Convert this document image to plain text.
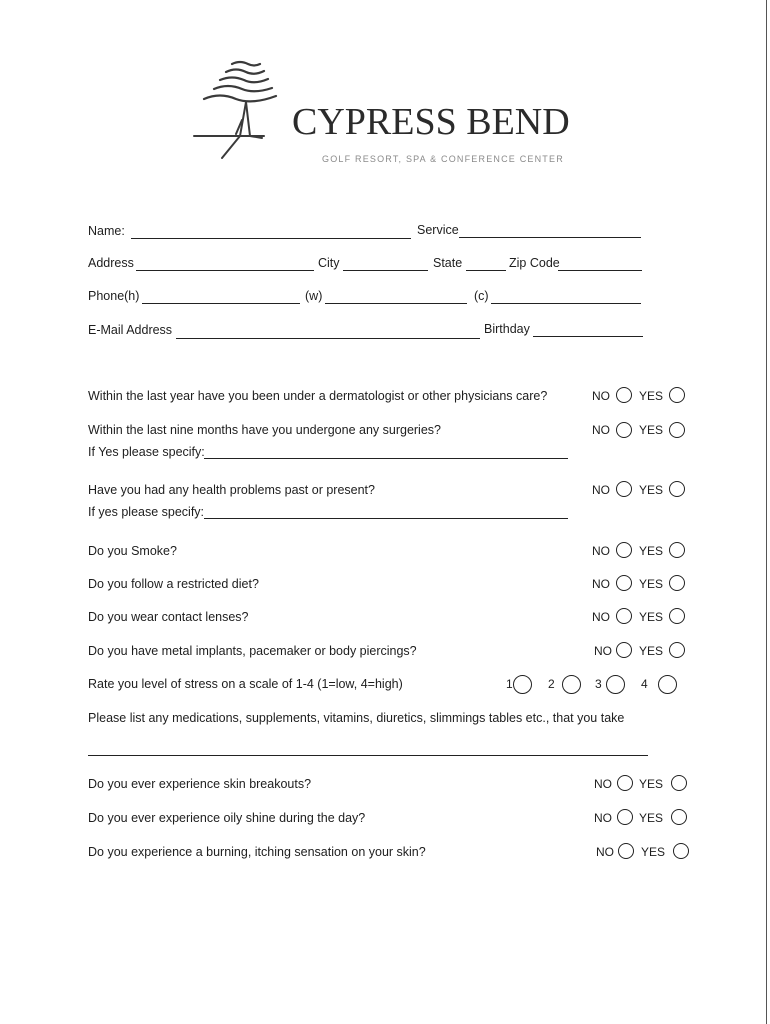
CYPRESS BEND
GOLF RESORT, SPA & CONFERENCE CENTER
Name:	Service
Address	City	State	Zip Code
Phone(h)	(w)	(c)
E-Mail Address	Birthday
Within the last year have you been under a dermatologist or other physicians care?	NO YES
Within the last nine months have you undergone any surgeries?	NO YES
If Yes please specify:
Have you had any health problems past or present?	NO YES
If yes please specify:
Do you Smoke?	NO YES
Do you follow a restricted diet?	NO YES
Do you wear contact lenses?	NO YES
Do you have metal implants, pacemaker or body piercings?	NO YES
Rate you level of stress on a scale of 1-4 (1=low, 4=high)	1	2	3	4
Please list any medications, supplements, vitamins, diuretics, slimmings tables etc., that you take
Do you ever experience skin breakouts?	NO YES
Do you ever experience oily shine during the day?	NO YES
Do you experience a burning, itching sensation on your skin?	NO YES
